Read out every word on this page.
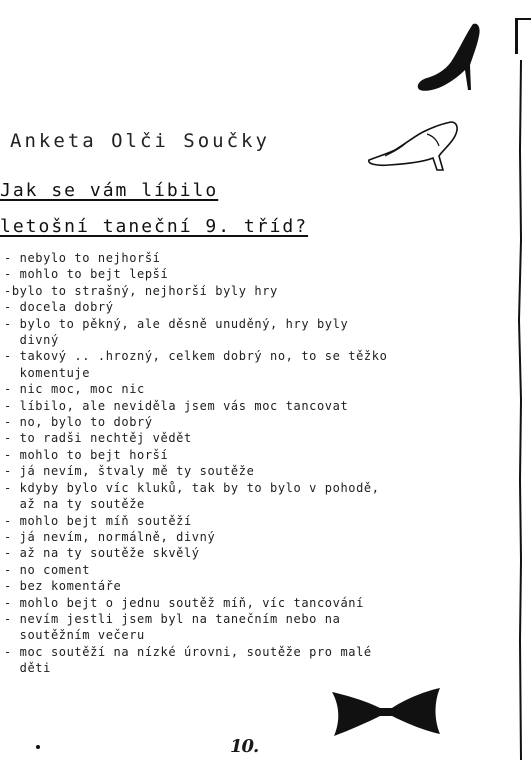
Anketa Olči Součky
Jak se vám líbilo
letošní taneční 9. tříd?
- nebylo to nejhorší
- mohlo to bejt lepší
-bylo to strašný, nejhorší byly hry
- docela dobrý
- bylo to pěkný, ale děsně unuděný, hry byly
divný
- takový .. .hrozný, celkem dobrý no, to se těžko
komentuje
- nic moc, moc nic
- líbilo, ale neviděla jsem vás moc tancovat
- no, bylo to dobrý
- to radši nechtěj vědět
- mohlo to bejt horší
- já nevím, štvaly mě ty soutěže
- kdyby bylo víc kluků, tak by to bylo v pohodě,
až na ty soutěže
- mohlo bejt míň soutěží
- já nevím, normálně, divný
- až na ty soutěže skvělý
- no coment
- bez komentáře
- mohlo bejt o jednu soutěž míň, víc tancování
- nevím jestli jsem byl na tanečním nebo na
soutěžním večeru
- moc soutěží na nízké úrovni, soutěže pro malé
děti
10.
